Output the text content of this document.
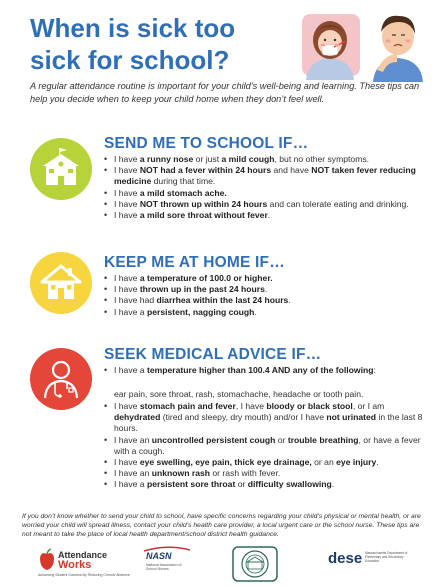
When is sick too
sick for school?
A regular attendance routine is important for your child’s well-being and learning. These tips can help you decide when to keep your child home when they don’t feel well.
SEND ME TO SCHOOL IF…
• I have a runny nose or just a mild cough, but no other symptoms.
• I have NOT had a fever within 24 hours and have NOT taken fever reducing medicine during that time.
• I have a mild stomach ache.
• I have NOT thrown up within 24 hours and can tolerate eating and drinking.
• I have a mild sore throat without fever.
KEEP ME AT HOME IF…
• I have a temperature of 100.0 or higher.
• I have thrown up in the past 24 hours.
• I have had diarrhea within the last 24 hours.
• I have a persistent, nagging cough.
SEEK MEDICAL ADVICE IF…
• I have a temperature higher than 100.4 AND any of the following:
ear pain, sore throat, rash, stomachache, headache or tooth pain.
• I have stomach pain and fever, I have bloody or black stool, or I am dehydrated (tired and sleepy, dry mouth) and/or I have not urinated in the last 8 hours.
• I have an uncontrolled persistent cough or trouble breathing, or have a fever with a cough.
• I have eye swelling, eye pain, thick eye drainage, or an eye injury.
• I have an unknown rash or rash with fever.
• I have a persistent sore throat or difficulty swallowing.
If you don’t know whether to send your child to school, have specific concerns regarding your child’s physical or mental health, or are worried your child will spread illness, contact your child’s health care provider, a local urgent care or the school nurse. These tips are not meant to take the place of local health department/school district health guidance.
Attendance
Works
Advancing Student Success By Reducing Chronic Absence
NASN
National Association of School Nurses
dese Massachusetts Department of Elementary and Secondary Education
